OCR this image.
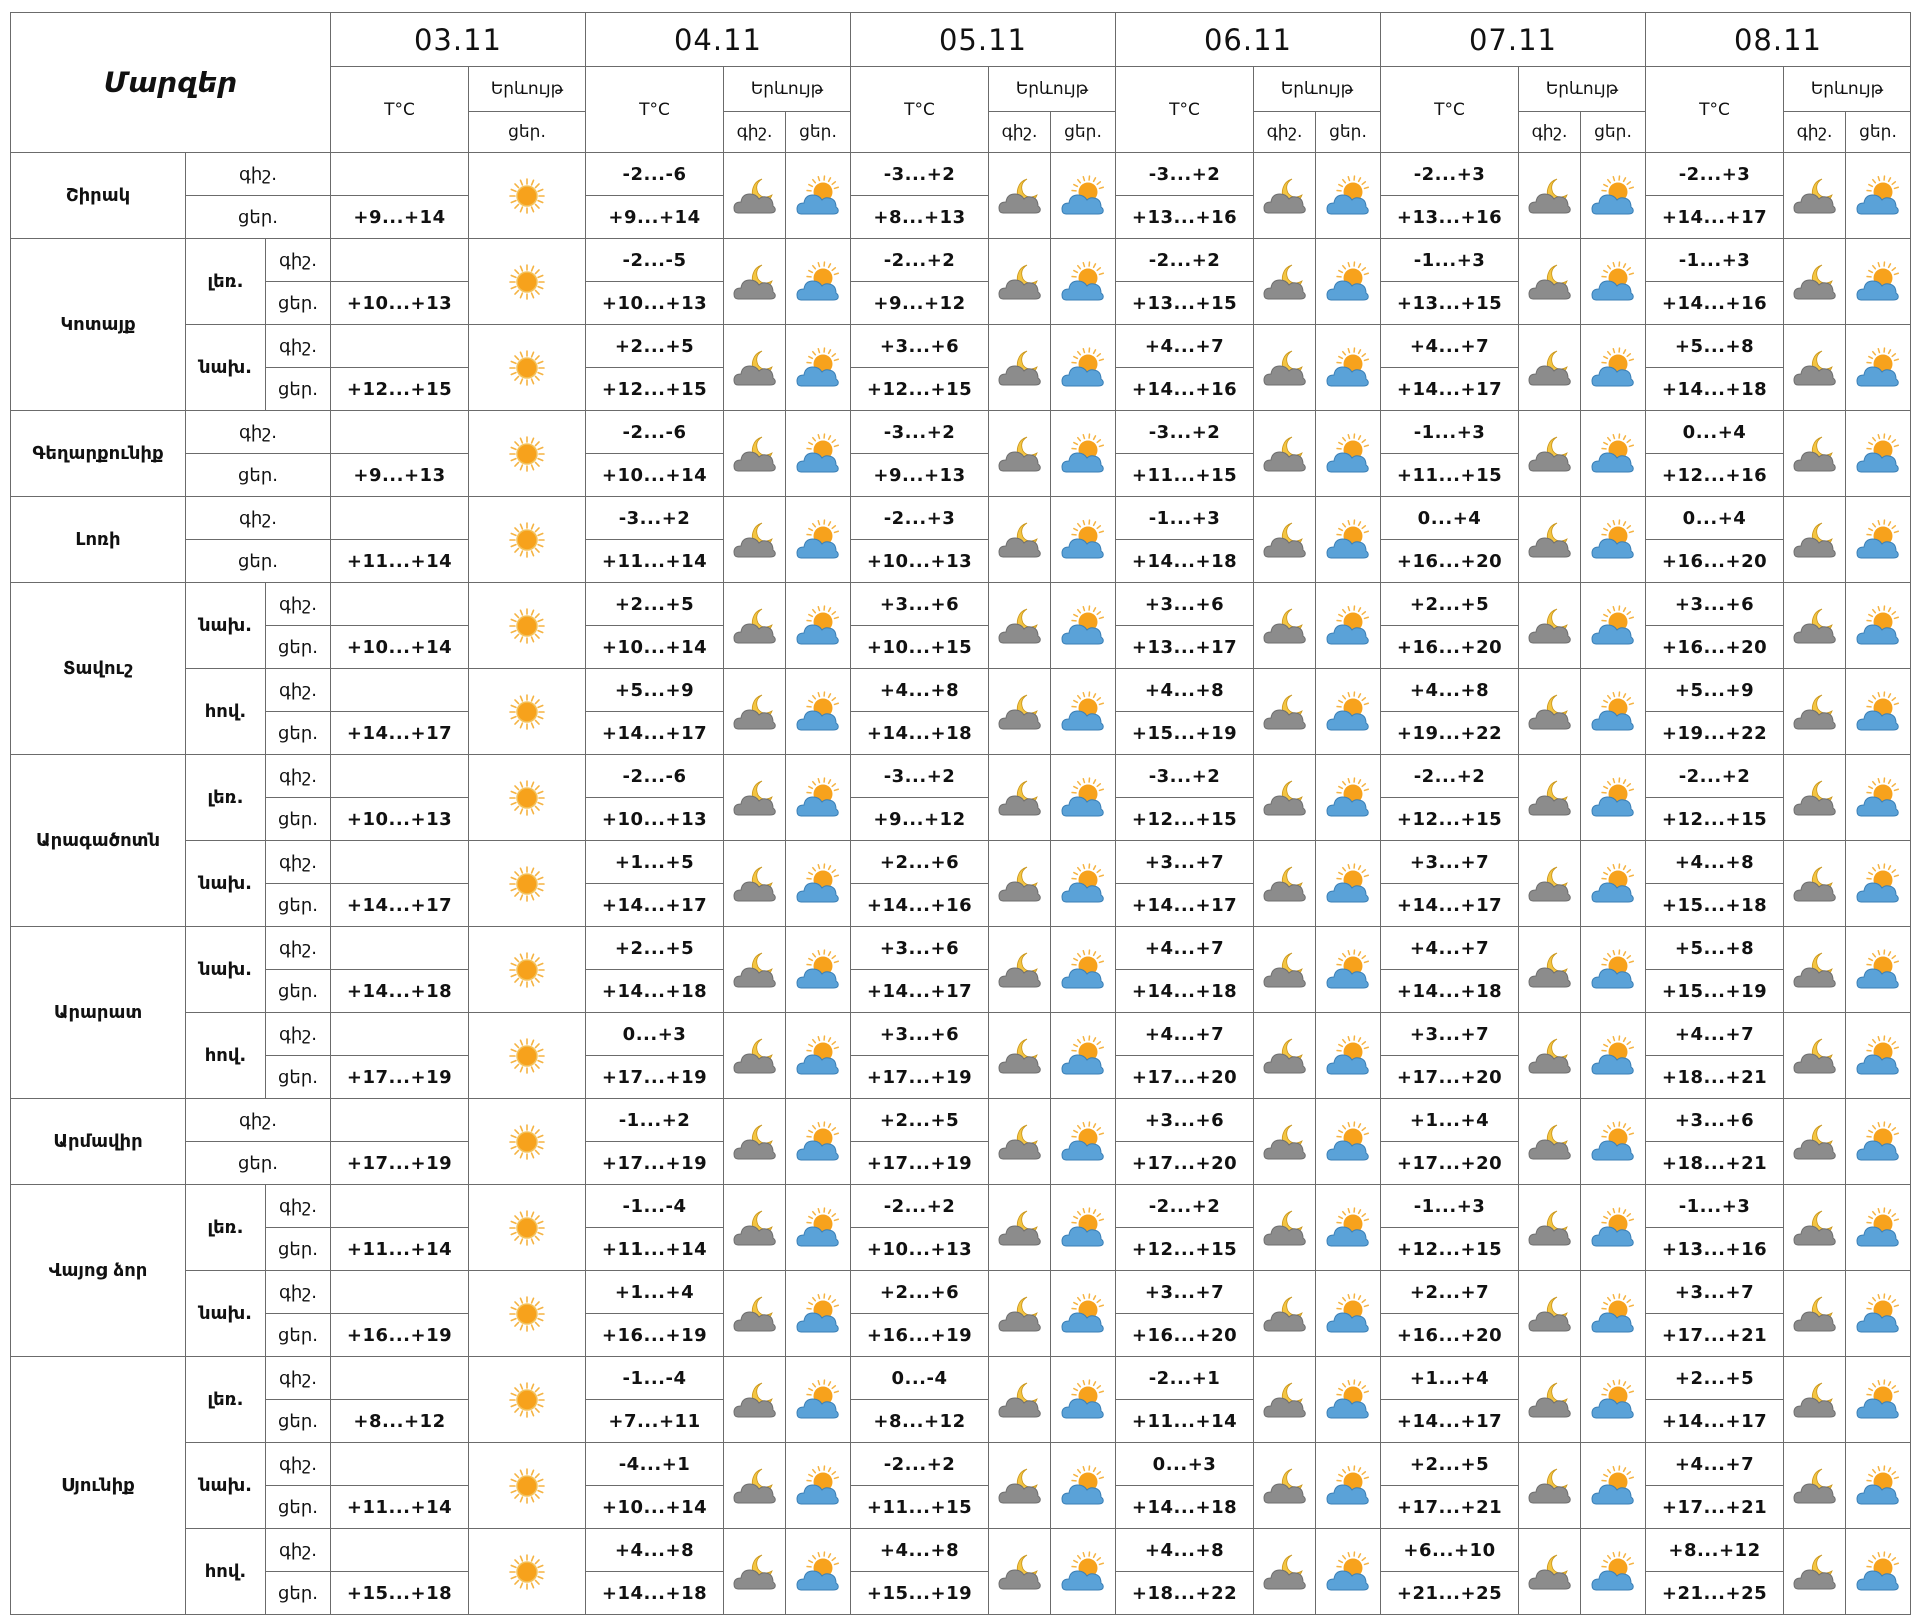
Մարզեր			03.11		04.11			05.11			06.11			07.11			08.11		
			T°C	Երևույթ	T°C	Երևույթ		T°C	Երևույթ		T°C	Երևույթ		T°C	Երևույթ		T°C	Երևույթ	
				ցեր.		գիշ.	ցեր.		գիշ.	ցեր.		գիշ.	ցեր.		գիշ.	ցեր.		գիշ.	ցեր.
Շիրակ	գիշ.				-2...-6			-3...+2			-3...+2			-2...+3			-2...+3	

	ցեր.		+9...+14		+9...+14			+8...+13			+13...+16			+13...+16			+14...+17		
Կոտայք	լեռ.	գիշ.			-2...-5			-2...+2			-2...+2			-1...+3			-1...+3	

		ցեր.	+10...+13		+10...+13			+9...+12			+13...+15			+13...+15			+14...+16		
	նախ.	գիշ.			+2...+5			+3...+6			+4...+7			+4...+7			+5...+8	

		ցեր.	+12...+15		+12...+15			+12...+15			+14...+16			+14...+17			+14...+18		
Գեղարքունիք	գիշ.				-2...-6			-3...+2			-3...+2			-1...+3			0...+4	

	ցեր.		+9...+13		+10...+14			+9...+13			+11...+15			+11...+15			+12...+16		
Լոռի	գիշ.				-3...+2			-2...+3			-1...+3			0...+4			0...+4	

	ցեր.		+11...+14		+11...+14			+10...+13			+14...+18			+16...+20			+16...+20		
Տավուշ	նախ.	գիշ.			+2...+5			+3...+6			+3...+6			+2...+5			+3...+6	

		ցեր.	+10...+14		+10...+14			+10...+15			+13...+17			+16...+20			+16...+20		
	հով.	գիշ.			+5...+9			+4...+8			+4...+8			+4...+8			+5...+9	

		ցեր.	+14...+17		+14...+17			+14...+18			+15...+19			+19...+22			+19...+22		
Արագածոտն	լեռ.	գիշ.			-2...-6			-3...+2			-3...+2			-2...+2			-2...+2	

		ցեր.	+10...+13		+10...+13			+9...+12			+12...+15			+12...+15			+12...+15		
	նախ.	գիշ.			+1...+5			+2...+6			+3...+7			+3...+7			+4...+8	

		ցեր.	+14...+17		+14...+17			+14...+16			+14...+17			+14...+17			+15...+18		
Արարատ	նախ.	գիշ.			+2...+5			+3...+6			+4...+7			+4...+7			+5...+8	

		ցեր.	+14...+18		+14...+18			+14...+17			+14...+18			+14...+18			+15...+19		
	հով.	գիշ.			0...+3			+3...+6			+4...+7			+3...+7			+4...+7	

		ցեր.	+17...+19		+17...+19			+17...+19			+17...+20			+17...+20			+18...+21		
Արմավիր	գիշ.				-1...+2			+2...+5			+3...+6			+1...+4			+3...+6	

	ցեր.		+17...+19		+17...+19			+17...+19			+17...+20			+17...+20			+18...+21		
Վայոց ձոր	լեռ.	գիշ.			-1...-4			-2...+2			-2...+2			-1...+3			-1...+3	

		ցեր.	+11...+14		+11...+14			+10...+13			+12...+15			+12...+15			+13...+16		
	նախ.	գիշ.			+1...+4			+2...+6			+3...+7			+2...+7			+3...+7	

		ցեր.	+16...+19		+16...+19			+16...+19			+16...+20			+16...+20			+17...+21		
Սյունիք	լեռ.	գիշ.			-1...-4			0...-4			-2...+1			+1...+4			+2...+5	

		ցեր.	+8...+12		+7...+11			+8...+12			+11...+14			+14...+17			+14...+17		
	նախ.	գիշ.			-4...+1			-2...+2			0...+3			+2...+5			+4...+7	

		ցեր.	+11...+14		+10...+14			+11...+15			+14...+18			+17...+21			+17...+21		
	հով.	գիշ.			+4...+8			+4...+8			+4...+8			+6...+10			+8...+12	

		ցեր.	+15...+18		+14...+18			+15...+19			+18...+22			+21...+25			+21...+25		
